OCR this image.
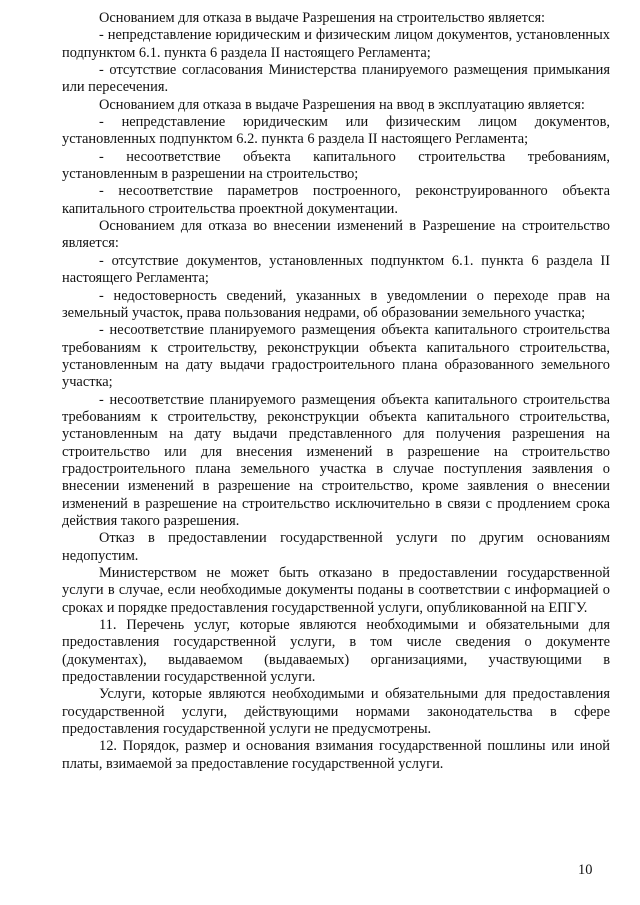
Основанием для отказа в выдаче Разрешения на строительство является:

- непредставление юридическим и физическим лицом документов, установленных подпунктом 6.1. пункта 6 раздела II настоящего Регламента;

- отсутствие согласования Министерства планируемого размещения примыкания или пересечения.

Основанием для отказа в выдаче Разрешения на ввод в эксплуатацию является:

- непредставление юридическим или физическим лицом документов, установленных подпунктом 6.2. пункта 6 раздела II настоящего Регламента;

- несоответствие объекта капитального строительства требованиям, установленным в разрешении на строительство;

- несоответствие параметров построенного, реконструированного объекта капитального строительства проектной документации.

Основанием для отказа во внесении изменений в Разрешение на строительство является:

- отсутствие документов, установленных подпунктом 6.1. пункта 6 раздела II настоящего Регламента;

- недостоверность сведений, указанных в уведомлении о переходе прав на земельный участок, права пользования недрами, об образовании земельного участка;

- несоответствие планируемого размещения объекта капитального строительства требованиям к строительству, реконструкции объекта капитального строительства, установленным на дату выдачи градостроительного плана образованного земельного участка;

- несоответствие планируемого размещения объекта капитального строительства требованиям к строительству, реконструкции объекта капитального строительства, установленным на дату выдачи представленного для получения разрешения на строительство или для внесения изменений в разрешение на строительство градостроительного плана земельного участка в случае поступления заявления о внесении изменений в разрешение на строительство, кроме заявления о внесении изменений в разрешение на строительство исключительно в связи с продлением срока действия такого разрешения.

Отказ в предоставлении государственной услуги по другим основаниям недопустим.

Министерством не может быть отказано в предоставлении государственной услуги в случае, если необходимые документы поданы в соответствии с информацией о сроках и порядке предоставления государственной услуги, опубликованной на ЕПГУ.

11. Перечень услуг, которые являются необходимыми и обязательными для предоставления государственной услуги, в том числе сведения о документе (документах), выдаваемом (выдаваемых) организациями, участвующими в предоставлении государственной услуги.

Услуги, которые являются необходимыми и обязательными для предоставления государственной услуги, действующими нормами законодательства в сфере предоставления государственной услуги не предусмотрены.

12. Порядок, размер и основания взимания государственной пошлины или иной платы, взимаемой за предоставление государственной услуги.

10
